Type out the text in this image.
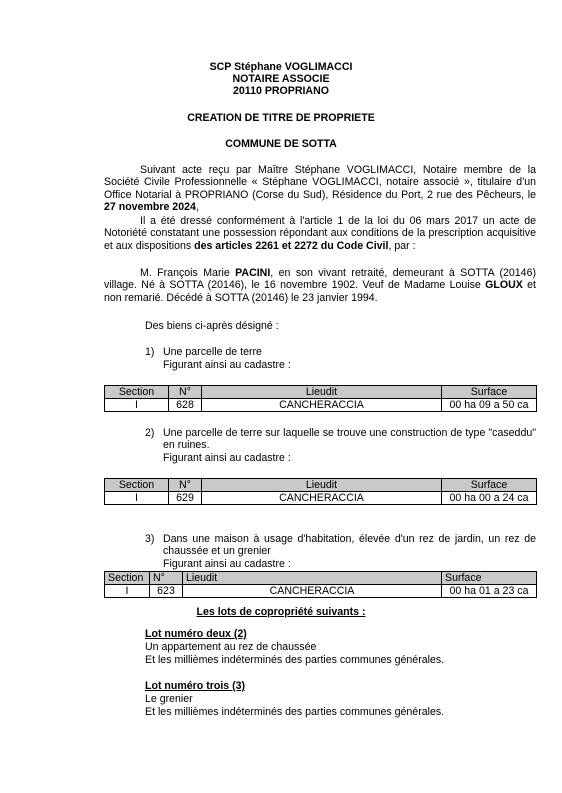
SCP Stéphane VOGLIMACCI
NOTAIRE ASSOCIE
20110 PROPRIANO
CREATION DE TITRE DE PROPRIETE
COMMUNE DE SOTTA
Suivant acte reçu par Maître Stéphane VOGLIMACCI, Notaire membre de la Société Civile Professionnelle « Stéphane VOGLIMACCI, notaire associé », titulaire d'un Office Notarial à PROPRIANO (Corse du Sud), Résidence du Port, 2 rue des Pêcheurs, le 27 novembre 2024,
Il a été dressé conformément à l'article 1 de la loi du 06 mars 2017 un acte de Notoriété constatant une possession répondant aux conditions de la prescription acquisitive et aux dispositions des articles 2261 et 2272 du Code Civil, par :
M. François Marie PACINI, en son vivant retraité, demeurant à SOTTA (20146) village. Né à SOTTA (20146), le 16 novembre 1902. Veuf de Madame Louise GLOUX et non remarié. Décédé à SOTTA (20146) le 23 janvier 1994.
Des biens ci-après désigné :
1) Une parcelle de terre
Figurant ainsi au cadastre :
Section	N°	Lieudit	Surface
I	628	CANCHERACCIA	00 ha 09 a 50 ca
2) Une parcelle de terre sur laquelle se trouve une construction de type "caseddu" en ruines.
Figurant ainsi au cadastre :
Section	N°	Lieudit	Surface
I	629	CANCHERACCIA	00 ha 00 a 24 ca
3) Dans une maison à usage d'habitation, élevée d'un rez de jardin, un rez de chaussée et un grenier
Figurant ainsi au cadastre :
Section	N°	Lieudit	Surface
I	623	CANCHERACCIA	00 ha 01 a 23 ca
Les lots de copropriété suivants :
Lot numéro deux (2)
Un appartement au rez de chaussée
Et les millièmes indéterminés des parties communes générales.
Lot numéro trois (3)
Le grenier
Et les millièmes indéterminés des parties communes générales.
